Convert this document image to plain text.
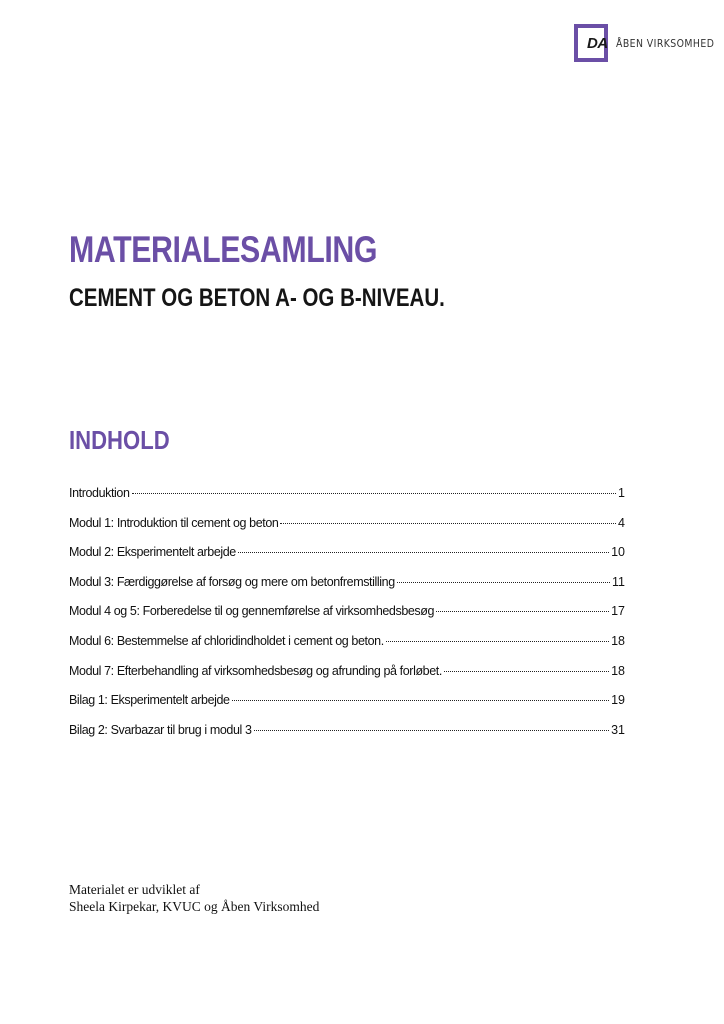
DA ÅBEN VIRKSOMHED
MATERIALESAMLING
CEMENT OG BETON A- OG B-NIVEAU.
INDHOLD
Introduktion	1
Modul 1: Introduktion til cement og beton	4
Modul 2: Eksperimentelt arbejde	10
Modul 3: Færdiggørelse af forsøg og mere om betonfremstilling	11
Modul 4 og 5: Forberedelse til og gennemførelse af virksomhedsbesøg	17
Modul 6: Bestemmelse af chloridindholdet i cement og beton.	18
Modul 7: Efterbehandling af virksomhedsbesøg og afrunding på forløbet.	18
Bilag 1: Eksperimentelt arbejde	19
Bilag 2: Svarbazar til brug i modul 3	31

Materialet er udviklet af

Sheela Kirpekar, KVUC og Åben Virksomhed
